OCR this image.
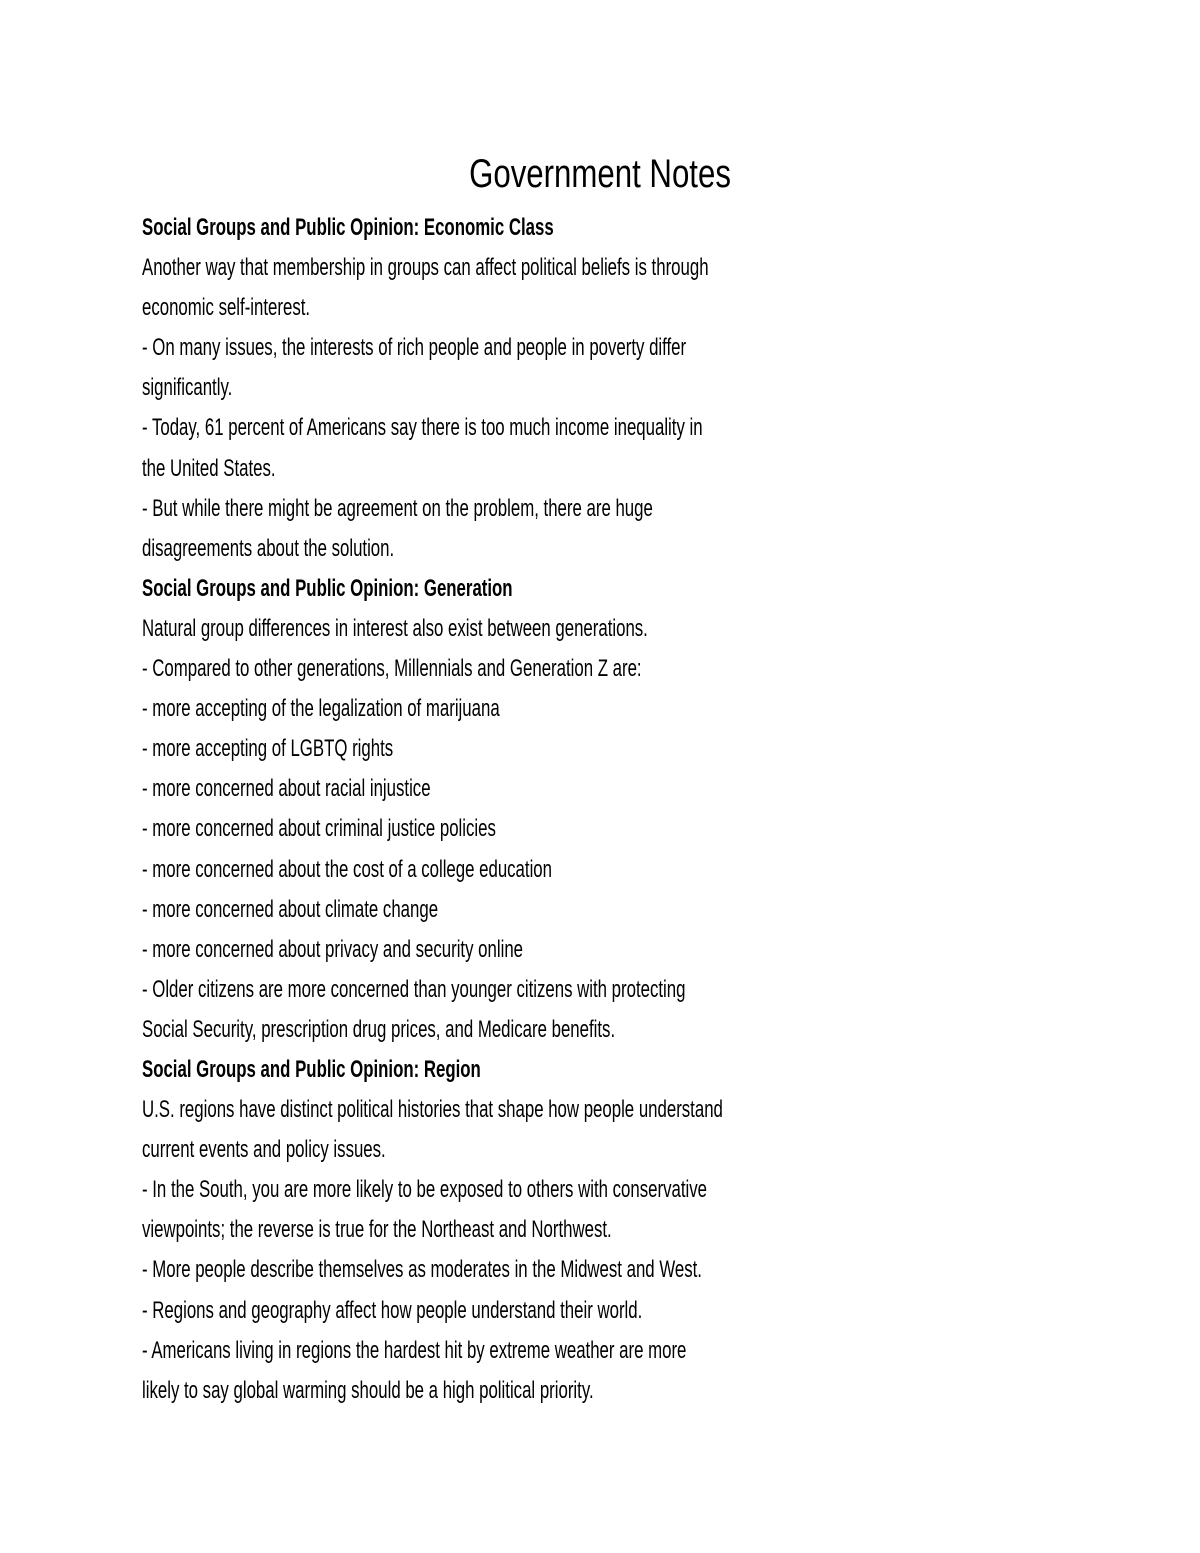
Government Notes
Social Groups and Public Opinion: Economic Class
Another way that membership in groups can affect political beliefs is through
economic self-interest.
- On many issues, the interests of rich people and people in poverty differ
significantly.
- Today, 61 percent of Americans say there is too much income inequality in
the United States.
- But while there might be agreement on the problem, there are huge
disagreements about the solution.
Social Groups and Public Opinion: Generation
Natural group differences in interest also exist between generations.
- Compared to other generations, Millennials and Generation Z are:
- more accepting of the legalization of marijuana
- more accepting of LGBTQ rights
- more concerned about racial injustice
- more concerned about criminal justice policies
- more concerned about the cost of a college education
- more concerned about climate change
- more concerned about privacy and security online
- Older citizens are more concerned than younger citizens with protecting
Social Security, prescription drug prices, and Medicare benefits.
Social Groups and Public Opinion: Region
U.S. regions have distinct political histories that shape how people understand
current events and policy issues.
- In the South, you are more likely to be exposed to others with conservative
viewpoints; the reverse is true for the Northeast and Northwest.
- More people describe themselves as moderates in the Midwest and West.
- Regions and geography affect how people understand their world.
- Americans living in regions the hardest hit by extreme weather are more
likely to say global warming should be a high political priority.
